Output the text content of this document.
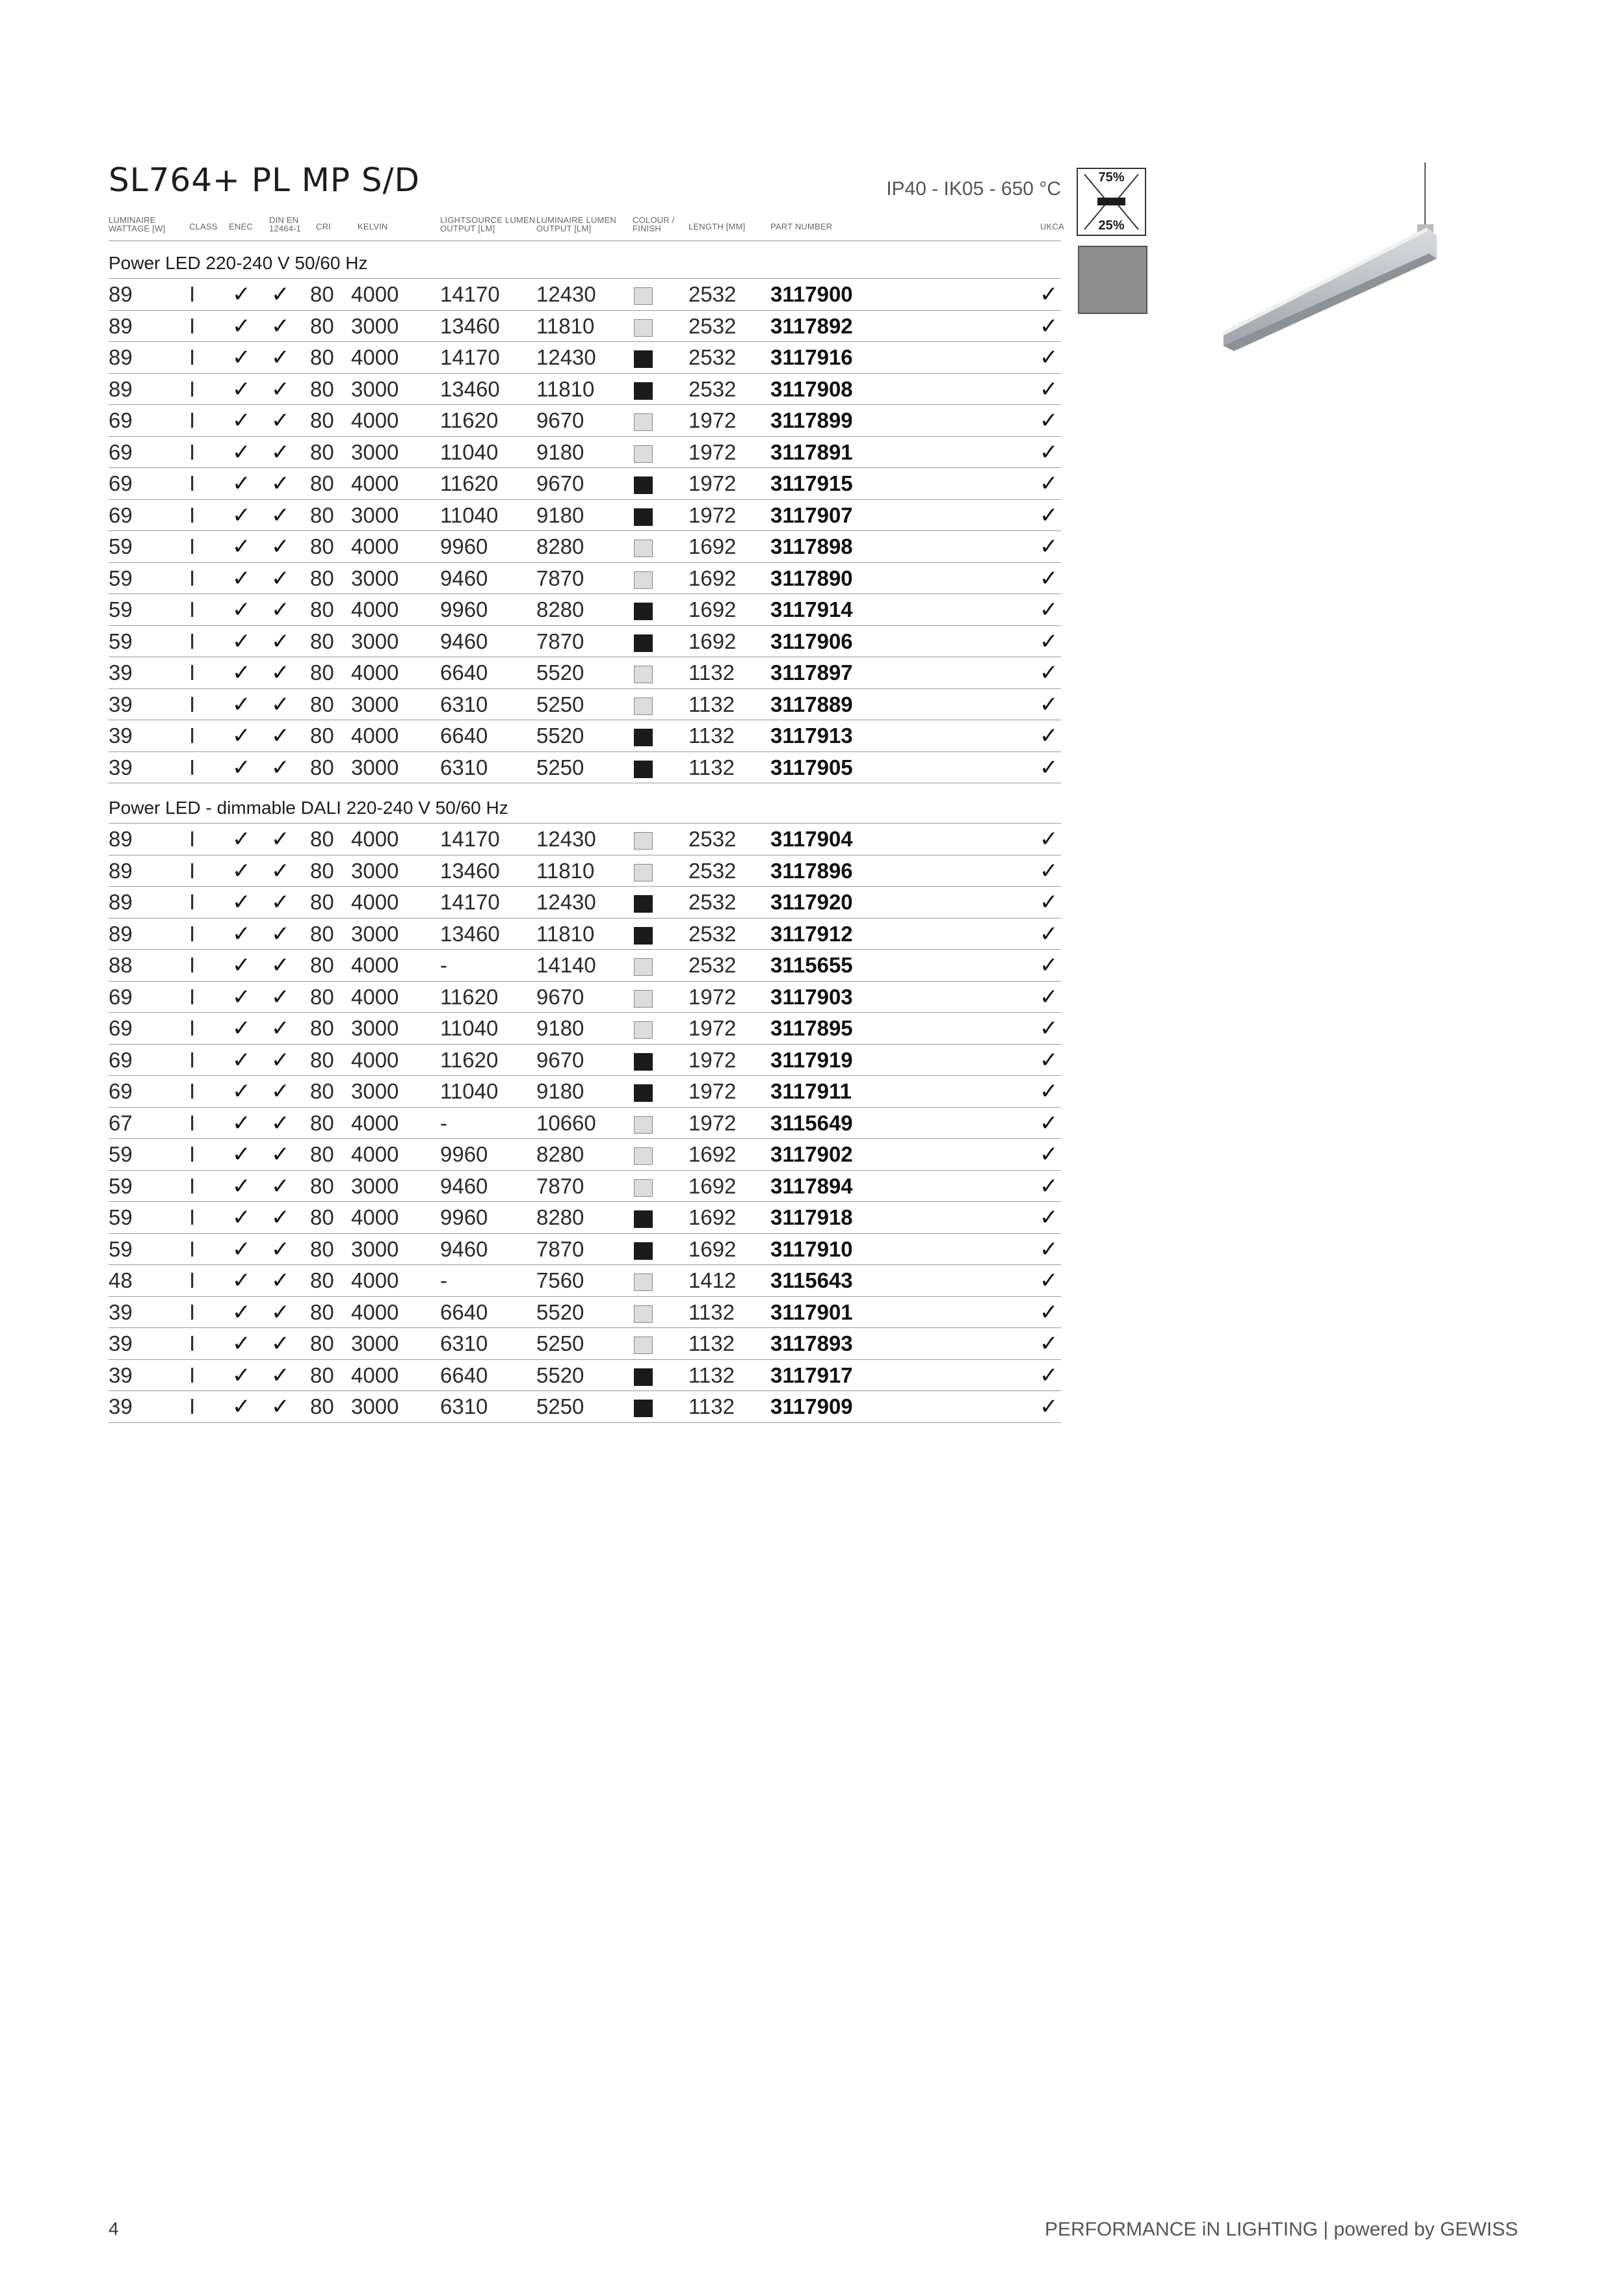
SL764+ PL MP S/D	IP40 - IK05 - 650 °C
LUMINAIRE
WATTAGE [W]	CLASS ENEC
DIN EN
12464-1 CRI	KELVIN
LIGHTSOURCE LUMEN
OUTPUT [LM]
LUMINAIRE LUMEN
OUTPUT [LM]
COLOUR /
FINISH	LENGTH [MM]	PART NUMBER	UKCA
Power LED 220-240 V 50/60 Hz
89	I ✓ ✓ 80 4000 14170 12430	2532 3117900	✓
89	I ✓ ✓ 80 3000 13460 11810	2532 3117892	✓
89	I ✓ ✓ 80 4000 14170 12430	2532 3117916	✓
89	I ✓ ✓ 80 3000 13460 11810	2532 3117908	✓
69	I ✓ ✓ 80 4000 11620 9670	1972 3117899	✓
69	I ✓ ✓ 80 3000 11040 9180	1972 3117891	✓
69	I ✓ ✓ 80 4000 11620 9670	1972 3117915	✓
69	I ✓ ✓ 80 3000 11040 9180	1972 3117907	✓
59	I ✓ ✓ 80 4000 9960 8280	1692 3117898	✓
59	I ✓ ✓ 80 3000 9460 7870	1692 3117890	✓
59	I ✓ ✓ 80 4000 9960 8280	1692 3117914	✓
59	I ✓ ✓ 80 3000 9460 7870	1692 3117906	✓
39	I ✓ ✓ 80 4000 6640 5520	1132 3117897	✓
39	I ✓ ✓ 80 3000 6310 5250	1132 3117889	✓
39	I ✓ ✓ 80 4000 6640 5520	1132 3117913	✓
39	I ✓ ✓ 80 3000 6310 5250	1132 3117905	✓
Power LED - dimmable DALI 220-240 V 50/60 Hz
89	I ✓ ✓ 80 4000 14170 12430	2532 3117904	✓
89	I ✓ ✓ 80 3000 13460 11810	2532 3117896	✓
89	I ✓ ✓ 80 4000 14170 12430	2532 3117920	✓
89	I ✓ ✓ 80 3000 13460 11810	2532 3117912	✓
88	I ✓ ✓ 80 4000 -	14140	2532 3115655	✓
69	I ✓ ✓ 80 4000 11620 9670	1972 3117903	✓
69	I ✓ ✓ 80 3000 11040 9180	1972 3117895	✓
69	I ✓ ✓ 80 4000 11620 9670	1972 3117919	✓
69	I ✓ ✓ 80 3000 11040 9180	1972 3117911	✓
67	I ✓ ✓ 80 4000 -	10660	1972 3115649	✓
59	I ✓ ✓ 80 4000 9960 8280	1692 3117902	✓
59	I ✓ ✓ 80 3000 9460 7870	1692 3117894	✓
59	I ✓ ✓ 80 4000 9960 8280	1692 3117918	✓
59	I ✓ ✓ 80 3000 9460 7870	1692 3117910	✓
48	I ✓ ✓ 80 4000 -	7560	1412 3115643	✓
39	I ✓ ✓ 80 4000 6640 5520	1132 3117901	✓
39	I ✓ ✓ 80 3000 6310 5250	1132 3117893	✓
39	I ✓ ✓ 80 4000 6640 5520	1132 3117917	✓
39	I ✓ ✓ 80 3000 6310 5250	1132 3117909	✓
75%
25%
4	PERFORMANCE iN LIGHTING | powered by GEWISS
